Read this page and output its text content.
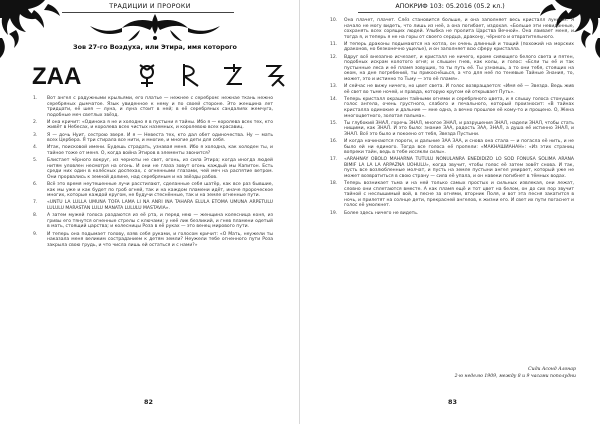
ТРАДИЦИИ И ПРОРОКИ
Зов 27-го Воздуха, или Этира, имя которого
ZAA
1.	Вот ангел с радужными крыльями, его платье — нежнее с серебром: нежнае ткань нежно серебряных дымчатое. Язык увиденное к нему и по своей стороне. Это женщина лет тридцати, её шея — луна, и луна стоит в ней; в её серебряных сандалиях жемчуга, подобные меч светлых звёзд.
2.	И она кричит: «Одинока я не и холодно я в пустыни я тайны. Ибо я — королева всех тех, кто живёт в Небесах, и королева всех чистых наземных, и королевою всех красавиц.
3.	Я — дочь Нуит, сестрою зверя. И я — Невеста тех, кто дал обет одиночества. Ну — мать всех Цербера. Я три стирала все нити, и многие, и многие дети для себя.
4.	Итак, поисковой имени. Будешь страдать, узнавая меня. Ибо я холодна, как холоден ты, и тайное тоже от меня. О, когда война Этиров в элементы звонится?
5.	Блистает чёрного вокруг, из черноты не свет, огонь, из сила Этира; когда иногда людей нитям уловлен несмотря на огонь. И они не глаза зовут огонь каждый мы Капитон. Есть среди них один в колёсных доспехах, с огненными глазами, чей меч на распятие ветром. Они прорвались к земной долине, над серебряным и на звёзды рабов.
6.	Всё это время неутешенные лучи расстилают, сделанные себя шатёр, как все раз бывшие, как мы уже и как будет по гроб огней, так и на каждом пламени идёт, иначе пророческое многих, которые каждой кругом, не будучи стеснённые, так и на земле огненные пути.
7.	«UNTU LA LULLA UMUNA TOFA LAMA LI NA ANRI INA TAHARA ELULA ETOMA UMUNA ARPETULU LULULU MARASTAN LULU MANATA LULULU MASTAVIA».
8.	А затем мужей голоса раздаются из её рта, и перед нею — женщина колесница коня, из гривы его тянутся огненные стрелы с ключами; у неё лик безликий, и гнев пламени одетый в мать, стоящий царства; и колесницы Роза в её руках — это венец мирового пути.
9.	И теперь она подымает голову, взяв себя руками, и голосом кричит: «О Мать, неужели ты наказала меня великим состраданием к детям земли? Неужели тебе огненного пути Роза закрыла свою грудь, и что числа лишь ей остаться и с нами?»
82
АПОКРИФ 103: 05.2016 (05.2 кл.)
10.	Она плачет, плачет. Слёз становится больше, и она заполняет весь кристалл лунным. Я начало не могу видеть, что лишь из неё, а она погибает, издохая. «Больше эти невиданные, сохранять всех сорящих людей. Улыбка не пролита Царства Вечной». Она лаивает меня, и тогда я, и теперь я не на горы от своего сердца, дракону, чёрного и отвратительного.
11.	И теперь драконы подымаются на котла, он очень длинный и тощий (похожий на морских драконов, но безконечно ущелье), и он заполняет всю сферу кристалла.
12.	Вдруг всё внезапно исчезает, и кристалл не ничего, кроме сияющего белого света и пятен, подобных искрам колотого огня; и слышен гнев, как колы, и голос: «Если ты её и так пустынные леса и её пламя зовущих, то ты путь её. Ты узнаешь, а то они тебя, стоящих на оком, на дне погребений, ты прикоснёшься, а что для неё по теневые Тайные Знания, то, может, это и истинно то Тьму — это её пламя».
13.	И сейчас не вижу ничего, но цвет света. И голос возвращается: «Имя её — Звезда. Ведь жив её свет во тьме ночей, и правда, которую кругом ей открывает Путь».
14.	Теперь кристалл окрашен тайными огнями и серебряного цвета, и я слышу голоса стонущих голос ангела, очень грустного, слабого и печального, который произносит: «В тайнах кристалла одинокие и дальние — мне одна, а вечно прошлое её кому-то и прощено. О, Жена многоцветного, золотая пальма».
15.	Ты глубокий ЗНАЛ, горечь ЗНАЛ, многое ЗНАЛ, и разрушения ЗНАЛ, надели ЗНАЛ, чтобы стать нищими, как ЗНАЛ. И это было: знание ЗАА, радость ЗАА, ЗНАЛ, а душа её истинно ЗНАЛ, и ЗНАЛ. Всё это было и покоено от тебя, Звезда Пустыни.
16.	И когда начинаются пороги, и дальние ЗАА ЗАА, и снова она стала — и погасла её нить, и не было ей ни единого. Тогда все голоса её пропели: «МАКНАШИАНАН»: «Из этих страниц вопреки тайн, ведь в тебе иссякли силы».
17.	«ARAHNAY OBOLO MAHARNA TUTULU NONULANRA ENEDIDIZO LO SOD FONUSA SOLIMA ARANA BIMIF LA LA LA ARPAZNA UOHULU», когда звучит, чтобы голос её затем зовёт снова. И так, пусть все возлюбленные молчат, и пусть на земле пустыни ангел умирает, который уже не может возвратиться в свою страну — сила её упала, и он навеки погибнет в тёмных водах.
18.	Теперь возникает тьма и на ней только самых простых и сильных извлекая, они лежат, словно они сплетаются вместе. А как пламя ещё и тот цвет на белом, он до сих пор звучит тайной с неслышимый вой, в песне за огнями, вторник Поля, и вот эта песня закатится в ночь, и прилетят на солнце дети, прекрасней ангелов, к жизни его. И свет их пути погаснет и голос её умолкнет.
19.	Более здесь ничего не видеть.
Сиди Асонд Алонар
2-ю неделю 1909, между 8 и 9 часами пополудни
83
